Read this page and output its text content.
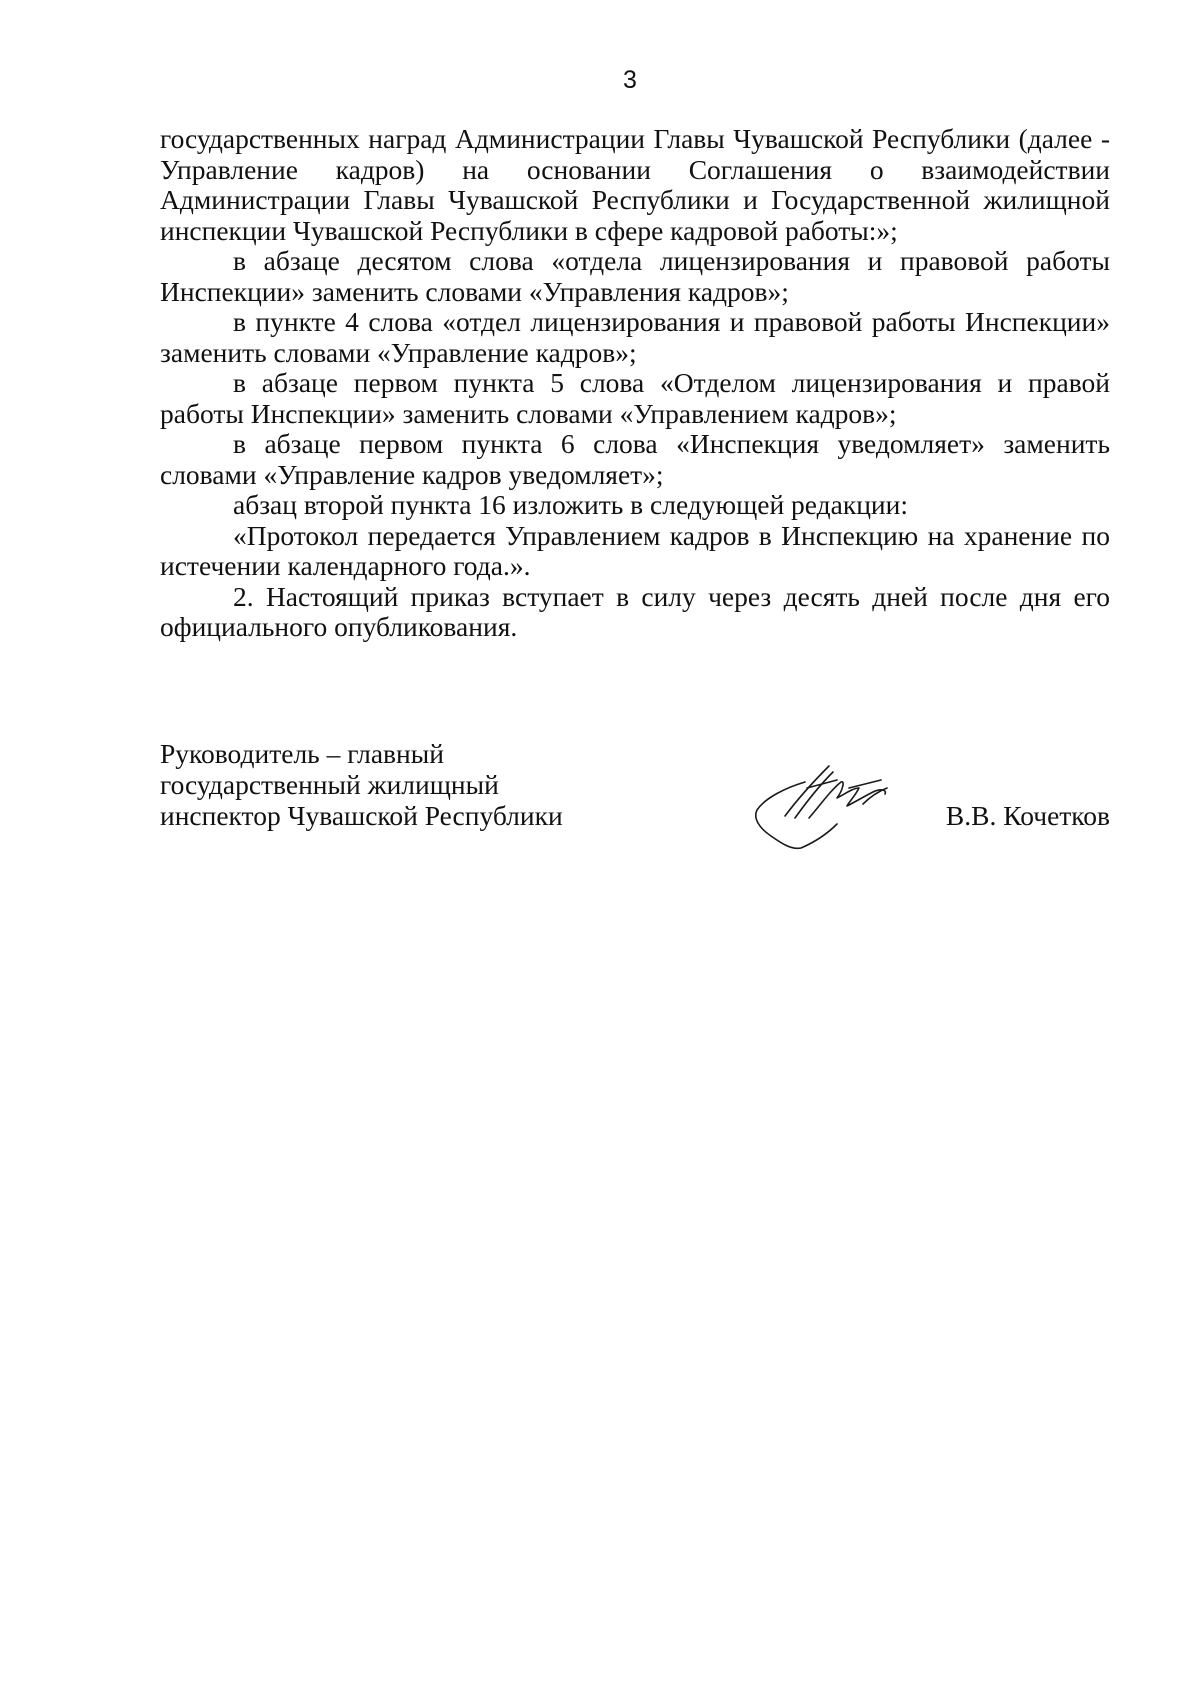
3

государственных наград Администрации Главы Чувашской Республики (далее - Управление кадров) на основании Соглашения о взаимодействии Администрации Главы Чувашской Республики и Государственной жилищной инспекции Чувашской Республики в сфере кадровой работы:»;

в абзаце десятом слова «отдела лицензирования и правовой работы Инспекции» заменить словами «Управления кадров»;

в пункте 4 слова «отдел лицензирования и правовой работы Инспекции» заменить словами «Управление кадров»;

в абзаце первом пункта 5 слова «Отделом лицензирования и правой работы Инспекции» заменить словами «Управлением кадров»;

в абзаце первом пункта 6 слова «Инспекция уведомляет» заменить словами «Управление кадров уведомляет»;

абзац второй пункта 16 изложить в следующей редакции:

«Протокол передается Управлением кадров в Инспекцию на хранение по истечении календарного года.».

2. Настоящий приказ вступает в силу через десять дней после дня его официального опубликования.

Руководитель – главный
государственный жилищный
инспектор Чувашской Республики	В.В. Кочетков
